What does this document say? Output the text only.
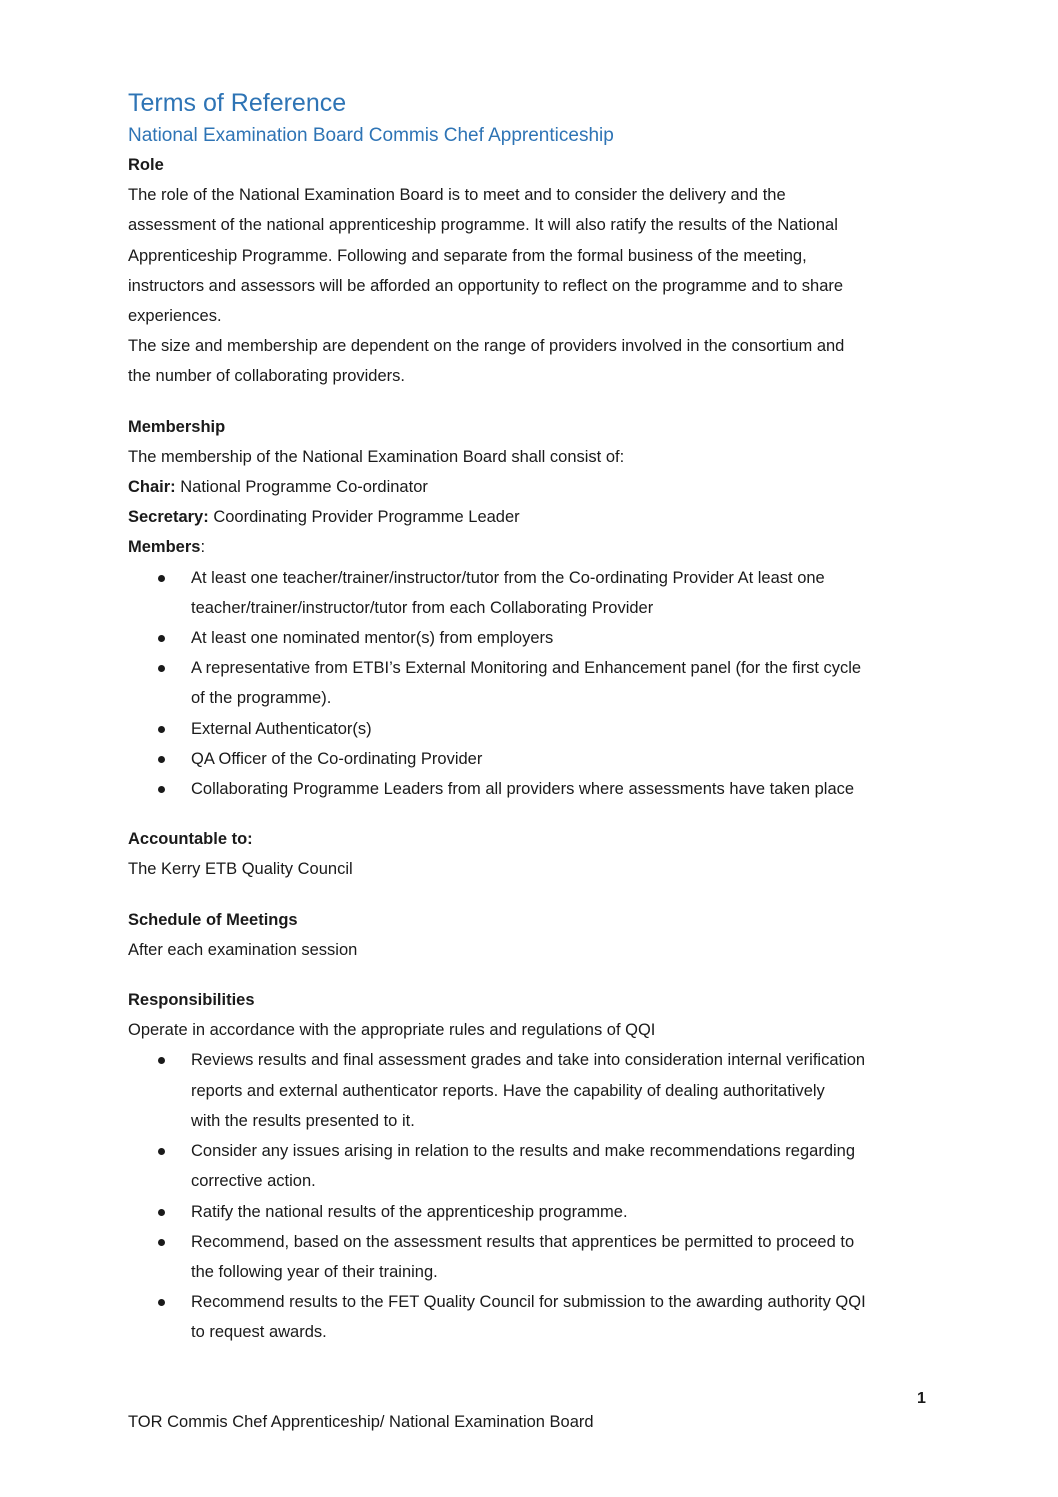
Terms of Reference
National Examination Board Commis Chef Apprenticeship
Role
The role of the National Examination Board is to meet and to consider the delivery and the
assessment of the national apprenticeship programme. It will also ratify the results of the National
Apprenticeship Programme. Following and separate from the formal business of the meeting,
instructors and assessors will be afforded an opportunity to reflect on the programme and to share
experiences.
The size and membership are dependent on the range of providers involved in the consortium and
the number of collaborating providers.
Membership
The membership of the National Examination Board shall consist of:
Chair: National Programme Co-ordinator
Secretary: Coordinating Provider Programme Leader
Members:
At least one teacher/trainer/instructor/tutor from the Co-ordinating Provider At least one
teacher/trainer/instructor/tutor from each Collaborating Provider
At least one nominated mentor(s) from employers
A representative from ETBI’s External Monitoring and Enhancement panel (for the first cycle
of the programme).
External Authenticator(s)
QA Officer of the Co-ordinating Provider
Collaborating Programme Leaders from all providers where assessments have taken place
Accountable to:
The Kerry ETB Quality Council
Schedule of Meetings
After each examination session
Responsibilities
Operate in accordance with the appropriate rules and regulations of QQI
Reviews results and final assessment grades and take into consideration internal verification
reports and external authenticator reports. Have the capability of dealing authoritatively
with the results presented to it.
Consider any issues arising in relation to the results and make recommendations regarding
corrective action.
Ratify the national results of the apprenticeship programme.
Recommend, based on the assessment results that apprentices be permitted to proceed to
the following year of their training.
Recommend results to the FET Quality Council for submission to the awarding authority QQI
to request awards.
1
TOR Commis Chef Apprenticeship/ National Examination Board
